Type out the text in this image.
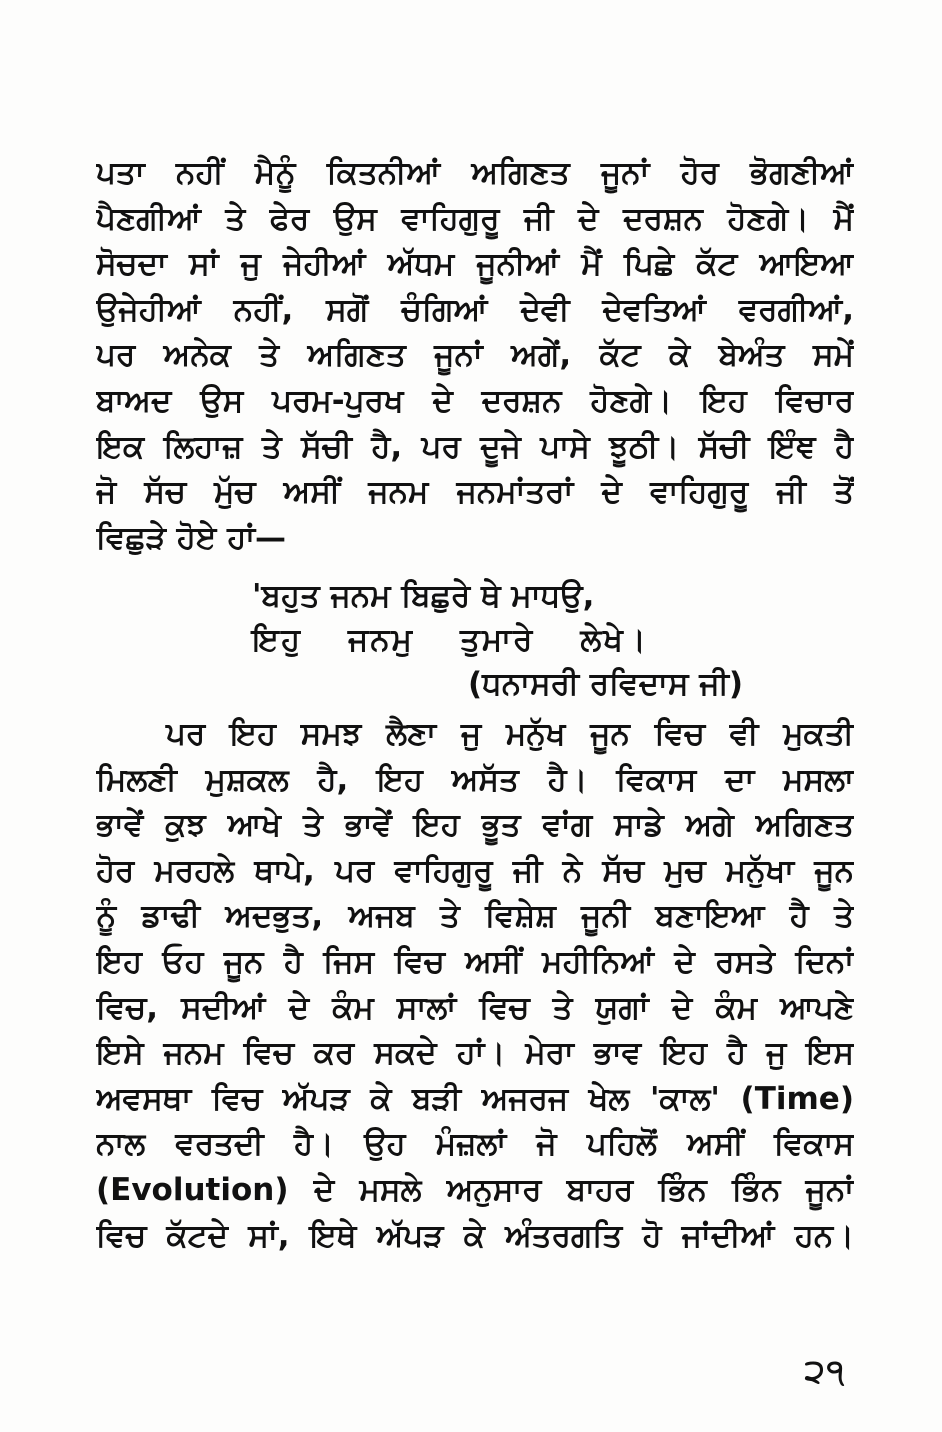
ਪਤਾ ਨਹੀਂ ਮੈਨੂੰ ਕਿਤਨੀਆਂ ਅਗਿਣਤ ਜੂਨਾਂ ਹੋਰ ਭੋਗਣੀਆਂ
ਪੈਣਗੀਆਂ ਤੇ ਫੇਰ ਉਸ ਵਾਹਿਗੁਰੂ ਜੀ ਦੇ ਦਰਸ਼ਨ ਹੋਣਗੇ। ਮੈਂ
ਸੋਚਦਾ ਸਾਂ ਜੁ ਜੇਹੀਆਂ ਅੱਧਮ ਜੂਨੀਆਂ ਮੈਂ ਪਿਛੇ ਕੱਟ ਆਇਆ
ਉਜੇਹੀਆਂ ਨਹੀਂ, ਸਗੋਂ ਚੰਗਿਆਂ ਦੇਵੀ ਦੇਵਤਿਆਂ ਵਰਗੀਆਂ,
ਪਰ ਅਨੇਕ ਤੇ ਅਗਿਣਤ ਜੂਨਾਂ ਅਗੇਂ, ਕੱਟ ਕੇ ਬੇਅੰਤ ਸਮੇਂ
ਬਾਅਦ ਉਸ ਪਰਮ-ਪੁਰਖ ਦੇ ਦਰਸ਼ਨ ਹੋਣਗੇ। ਇਹ ਵਿਚਾਰ
ਇਕ ਲਿਹਾਜ਼ ਤੇ ਸੱਚੀ ਹੈ, ਪਰ ਦੂਜੇ ਪਾਸੇ ਝੂਠੀ। ਸੱਚੀ ਇੰਞ ਹੈ
ਜੋ ਸੱਚ ਮੁੱਚ ਅਸੀਂ ਜਨਮ ਜਨਮਾਂਤਰਾਂ ਦੇ ਵਾਹਿਗੁਰੂ ਜੀ ਤੋਂ
ਵਿਛੁੜੇ ਹੋਏ ਹਾਂ—
'ਬਹੁਤ ਜਨਮ ਬਿਛੁਰੇ ਥੇ ਮਾਧਉ,
ਇਹੁ ਜਨਮੁ ਤੁਮਾਰੇ ਲੇਖੇ।
(ਧਨਾਸਰੀ ਰਵਿਦਾਸ ਜੀ)
ਪਰ ਇਹ ਸਮਝ ਲੈਣਾ ਜੁ ਮਨੁੱਖ ਜੂਨ ਵਿਚ ਵੀ ਮੁਕਤੀ
ਮਿਲਣੀ ਮੁਸ਼ਕਲ ਹੈ, ਇਹ ਅਸੱਤ ਹੈ। ਵਿਕਾਸ ਦਾ ਮਸਲਾ
ਭਾਵੇਂ ਕੁਝ ਆਖੇ ਤੇ ਭਾਵੇਂ ਇਹ ਭੂਤ ਵਾਂਗ ਸਾਡੇ ਅਗੇ ਅਗਿਣਤ
ਹੋਰ ਮਰਹਲੇ ਥਾਪੇ, ਪਰ ਵਾਹਿਗੁਰੂ ਜੀ ਨੇ ਸੱਚ ਮੁਚ ਮਨੁੱਖਾ ਜੂਨ
ਨੂੰ ਡਾਢੀ ਅਦਭੁਤ, ਅਜਬ ਤੇ ਵਿਸ਼ੇਸ਼ ਜੂਨੀ ਬਣਾਇਆ ਹੈ ਤੇ
ਇਹ ਓਹ ਜੂਨ ਹੈ ਜਿਸ ਵਿਚ ਅਸੀਂ ਮਹੀਨਿਆਂ ਦੇ ਰਸਤੇ ਦਿਨਾਂ
ਵਿਚ, ਸਦੀਆਂ ਦੇ ਕੰਮ ਸਾਲਾਂ ਵਿਚ ਤੇ ਯੁਗਾਂ ਦੇ ਕੰਮ ਆਪਣੇ
ਇਸੇ ਜਨਮ ਵਿਚ ਕਰ ਸਕਦੇ ਹਾਂ। ਮੇਰਾ ਭਾਵ ਇਹ ਹੈ ਜੁ ਇਸ
ਅਵਸਥਾ ਵਿਚ ਅੱਪੜ ਕੇ ਬੜੀ ਅਜਰਜ ਖੇਲ 'ਕਾਲ' (Time)
ਨਾਲ ਵਰਤਦੀ ਹੈ। ਉਹ ਮੰਜ਼ਲਾਂ ਜੋ ਪਹਿਲੋਂ ਅਸੀਂ ਵਿਕਾਸ
(Evolution) ਦੇ ਮਸਲੇ ਅਨੁਸਾਰ ਬਾਹਰ ਭਿੰਨ ਭਿੰਨ ਜੂਨਾਂ
ਵਿਚ ਕੱਟਦੇ ਸਾਂ, ਇਥੇ ਅੱਪੜ ਕੇ ਅੰਤਰਗਤਿ ਹੋ ਜਾਂਦੀਆਂ ਹਨ।
੨੧
